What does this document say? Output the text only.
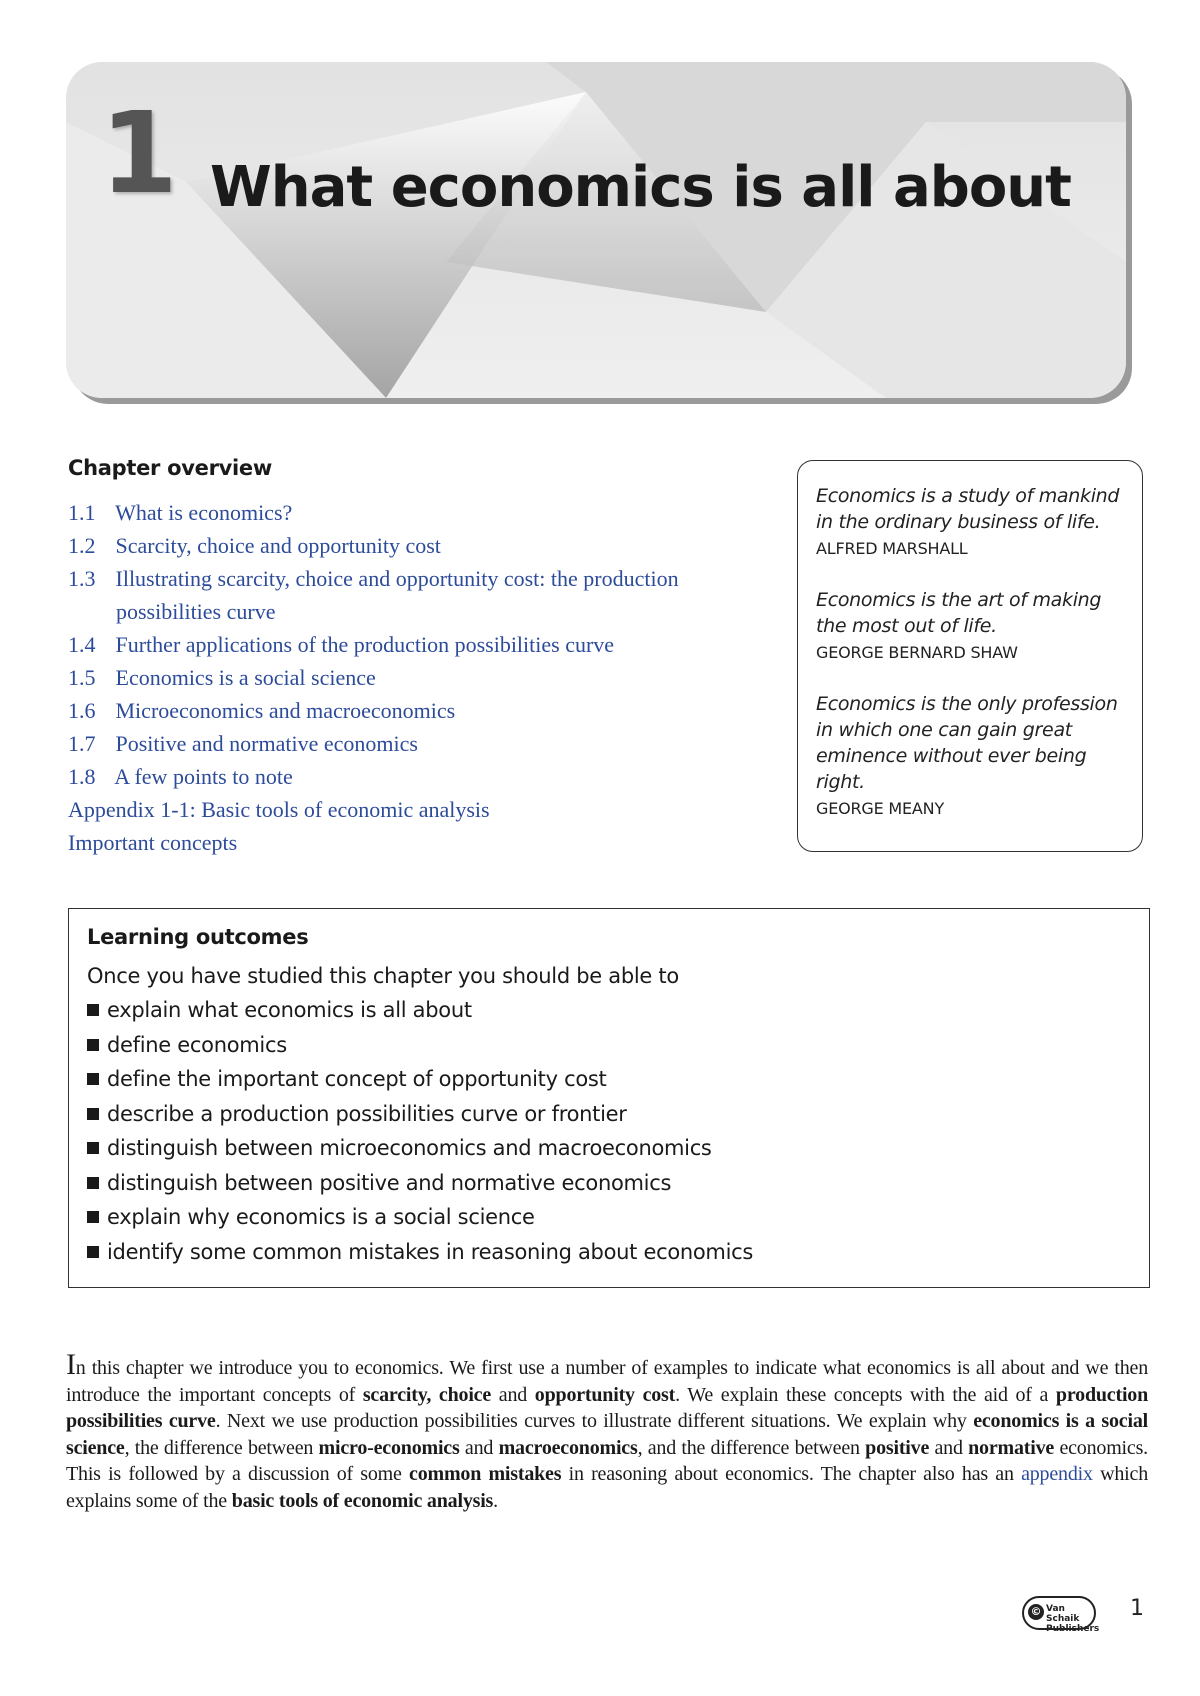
1 What economics is all about
Chapter overview
1.1 What is economics?
1.2 Scarcity, choice and opportunity cost
1.3 Illustrating scarcity, choice and opportunity cost: the production
possibilities curve
1.4 Further applications of the production possibilities curve
1.5 Economics is a social science
1.6 Microeconomics and macroeconomics
1.7 Positive and normative economics
1.8 A few points to note
Appendix 1-1: Basic tools of economic analysis
Important concepts
Economics is a study of mankind in the ordinary business of life.
ALFRED MARSHALL
Economics is the art of making the most out of life.
GEORGE BERNARD SHAW
Economics is the only profession in which one can gain great eminence without ever being right.
GEORGE MEANY
Learning outcomes
Once you have studied this chapter you should be able to
explain what economics is all about
define economics
define the important concept of opportunity cost
describe a production possibilities curve or frontier
distinguish between microeconomics and macroeconomics
distinguish between positive and normative economics
explain why economics is a social science
identify some common mistakes in reasoning about economics

In this chapter we introduce you to economics. We first use a number of examples to indicate what economics is all about and we then introduce the important concepts of scarcity, choice and opportunity cost. We explain these concepts with the aid of a production possibilities curve. Next we use production possibilities curves to illustrate different situations. We explain why economics is a social science, the difference between micro-economics and macroeconomics, and the difference between positive and normative economics. This is followed by a discussion of some common mistakes in reasoning about economics. The chapter also has an appendix which explains some of the basic tools of economic analysis.

© Van Schaik
Publishers
1
